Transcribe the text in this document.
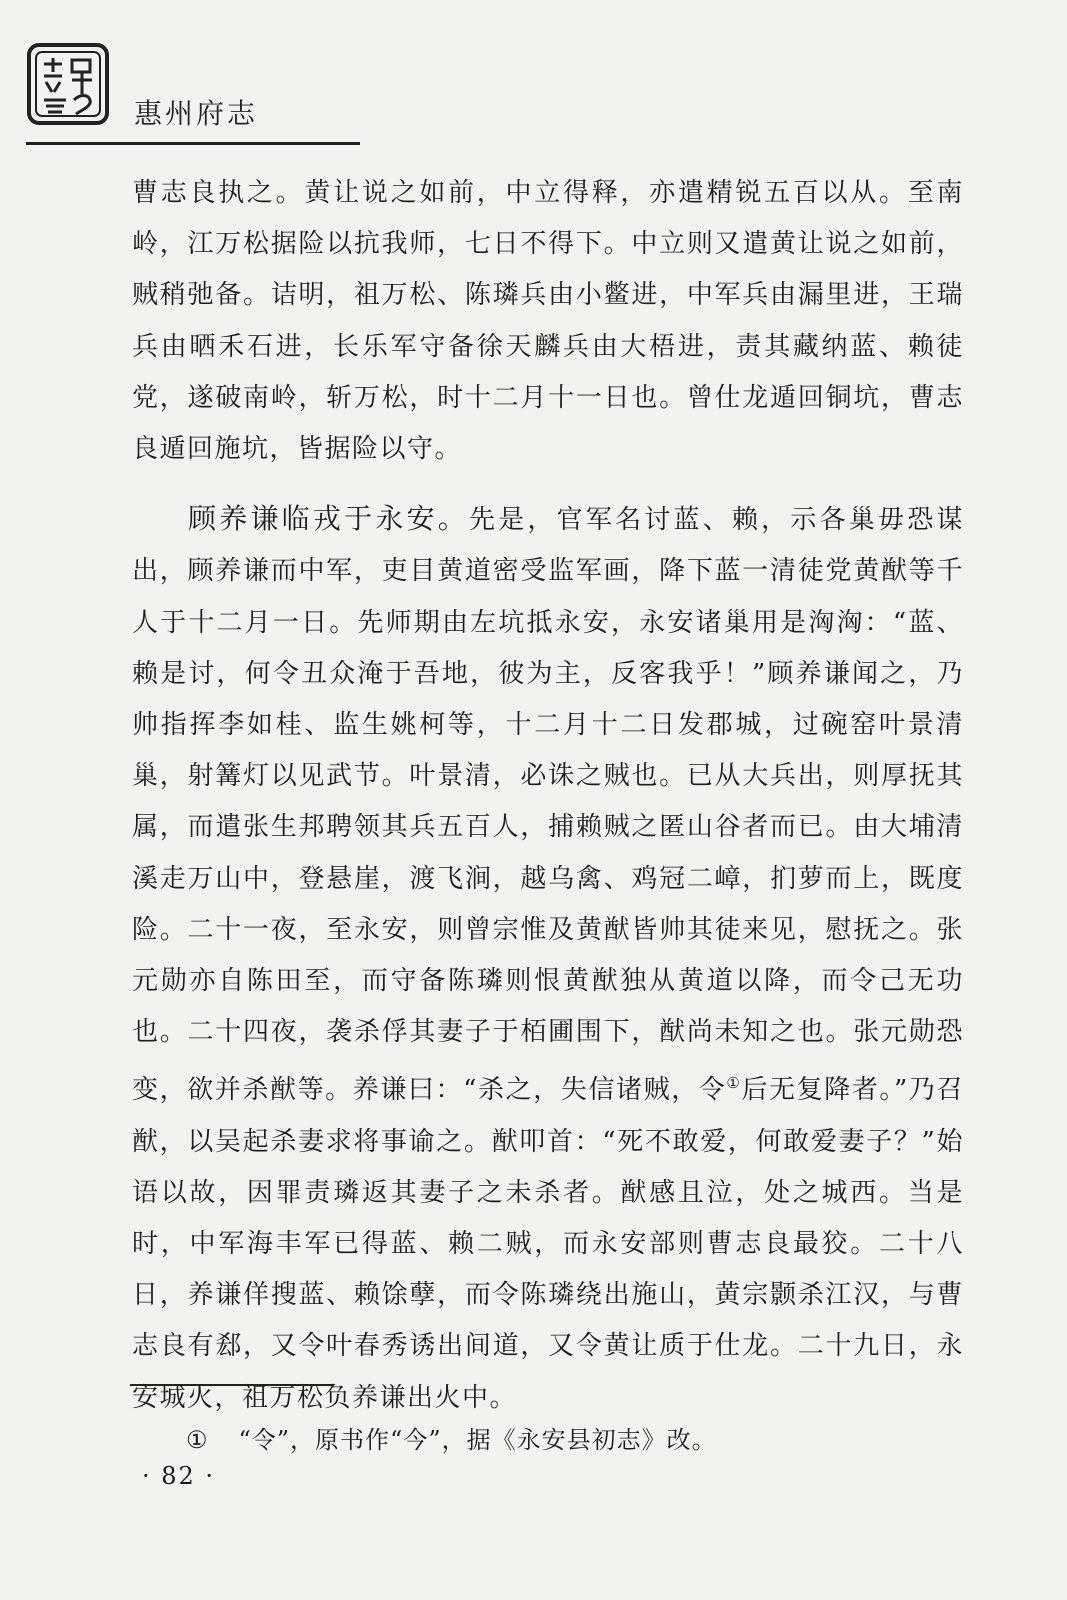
惠州府志

曹志良执之。黄让说之如前，中立得释，亦遣精锐五百以从。至南岭，江万松据险以抗我师，七日不得下。中立则又遣黄让说之如前，贼稍弛备。诘明，祖万松、陈璘兵由小鳖进，中军兵由漏里进，王瑞兵由晒禾石进，长乐军守备徐天麟兵由大梧进，责其藏纳蓝、赖徒党，遂破南岭，斩万松，时十二月十一日也。曾仕龙遁回铜坑，曹志良遁回施坑，皆据险以守。

顾养谦临戎于永安。先是，官军名讨蓝、赖，示各巢毋恐谋出，顾养谦而中军，吏目黄道密受监军画，降下蓝一清徒党黄猷等千人于十二月一日。先师期由左坑抵永安，永安诸巢用是洶洶：“蓝、赖是讨，何令丑众淹于吾地，彼为主，反客我乎！”顾养谦闻之，乃帅指挥李如桂、监生姚柯等，十二月十二日发郡城，过碗窑叶景清巢，射篝灯以见武节。叶景清，必诛之贼也。已从大兵出，则厚抚其属，而遣张生邦聘领其兵五百人，捕赖贼之匿山谷者而已。由大埔清溪走万山中，登悬崖，渡飞涧，越乌禽、鸡冠二嶂，扪萝而上，既度险。二十一夜，至永安，则曾宗惟及黄猷皆帅其徒来见，慰抚之。张元勋亦自陈田至，而守备陈璘则恨黄猷独从黄道以降，而令己无功也。二十四夜，袭杀俘其妻子于栢圃围下，猷尚未知之也。张元勋恐变，欲并杀猷等。养谦曰：“杀之，失信诸贼，令①后无复降者。”乃召猷，以吴起杀妻求将事谕之。猷叩首：“死不敢爱，何敢爱妻子？”始语以故，因罪责璘返其妻子之未杀者。猷感且泣，处之城西。当是时，中军海丰军已得蓝、赖二贼，而永安部则曹志良最狡。二十八日，养谦佯搜蓝、赖馀孽，而令陈璘绕出施山，黄宗颢杀江汉，与曹志良有郄，又令叶春秀诱出间道，又令黄让质于仕龙。二十九日，永安城火，祖万松负养谦出火中。

① “令”，原书作“今”，据《永安县初志》改。
· 82 ·
